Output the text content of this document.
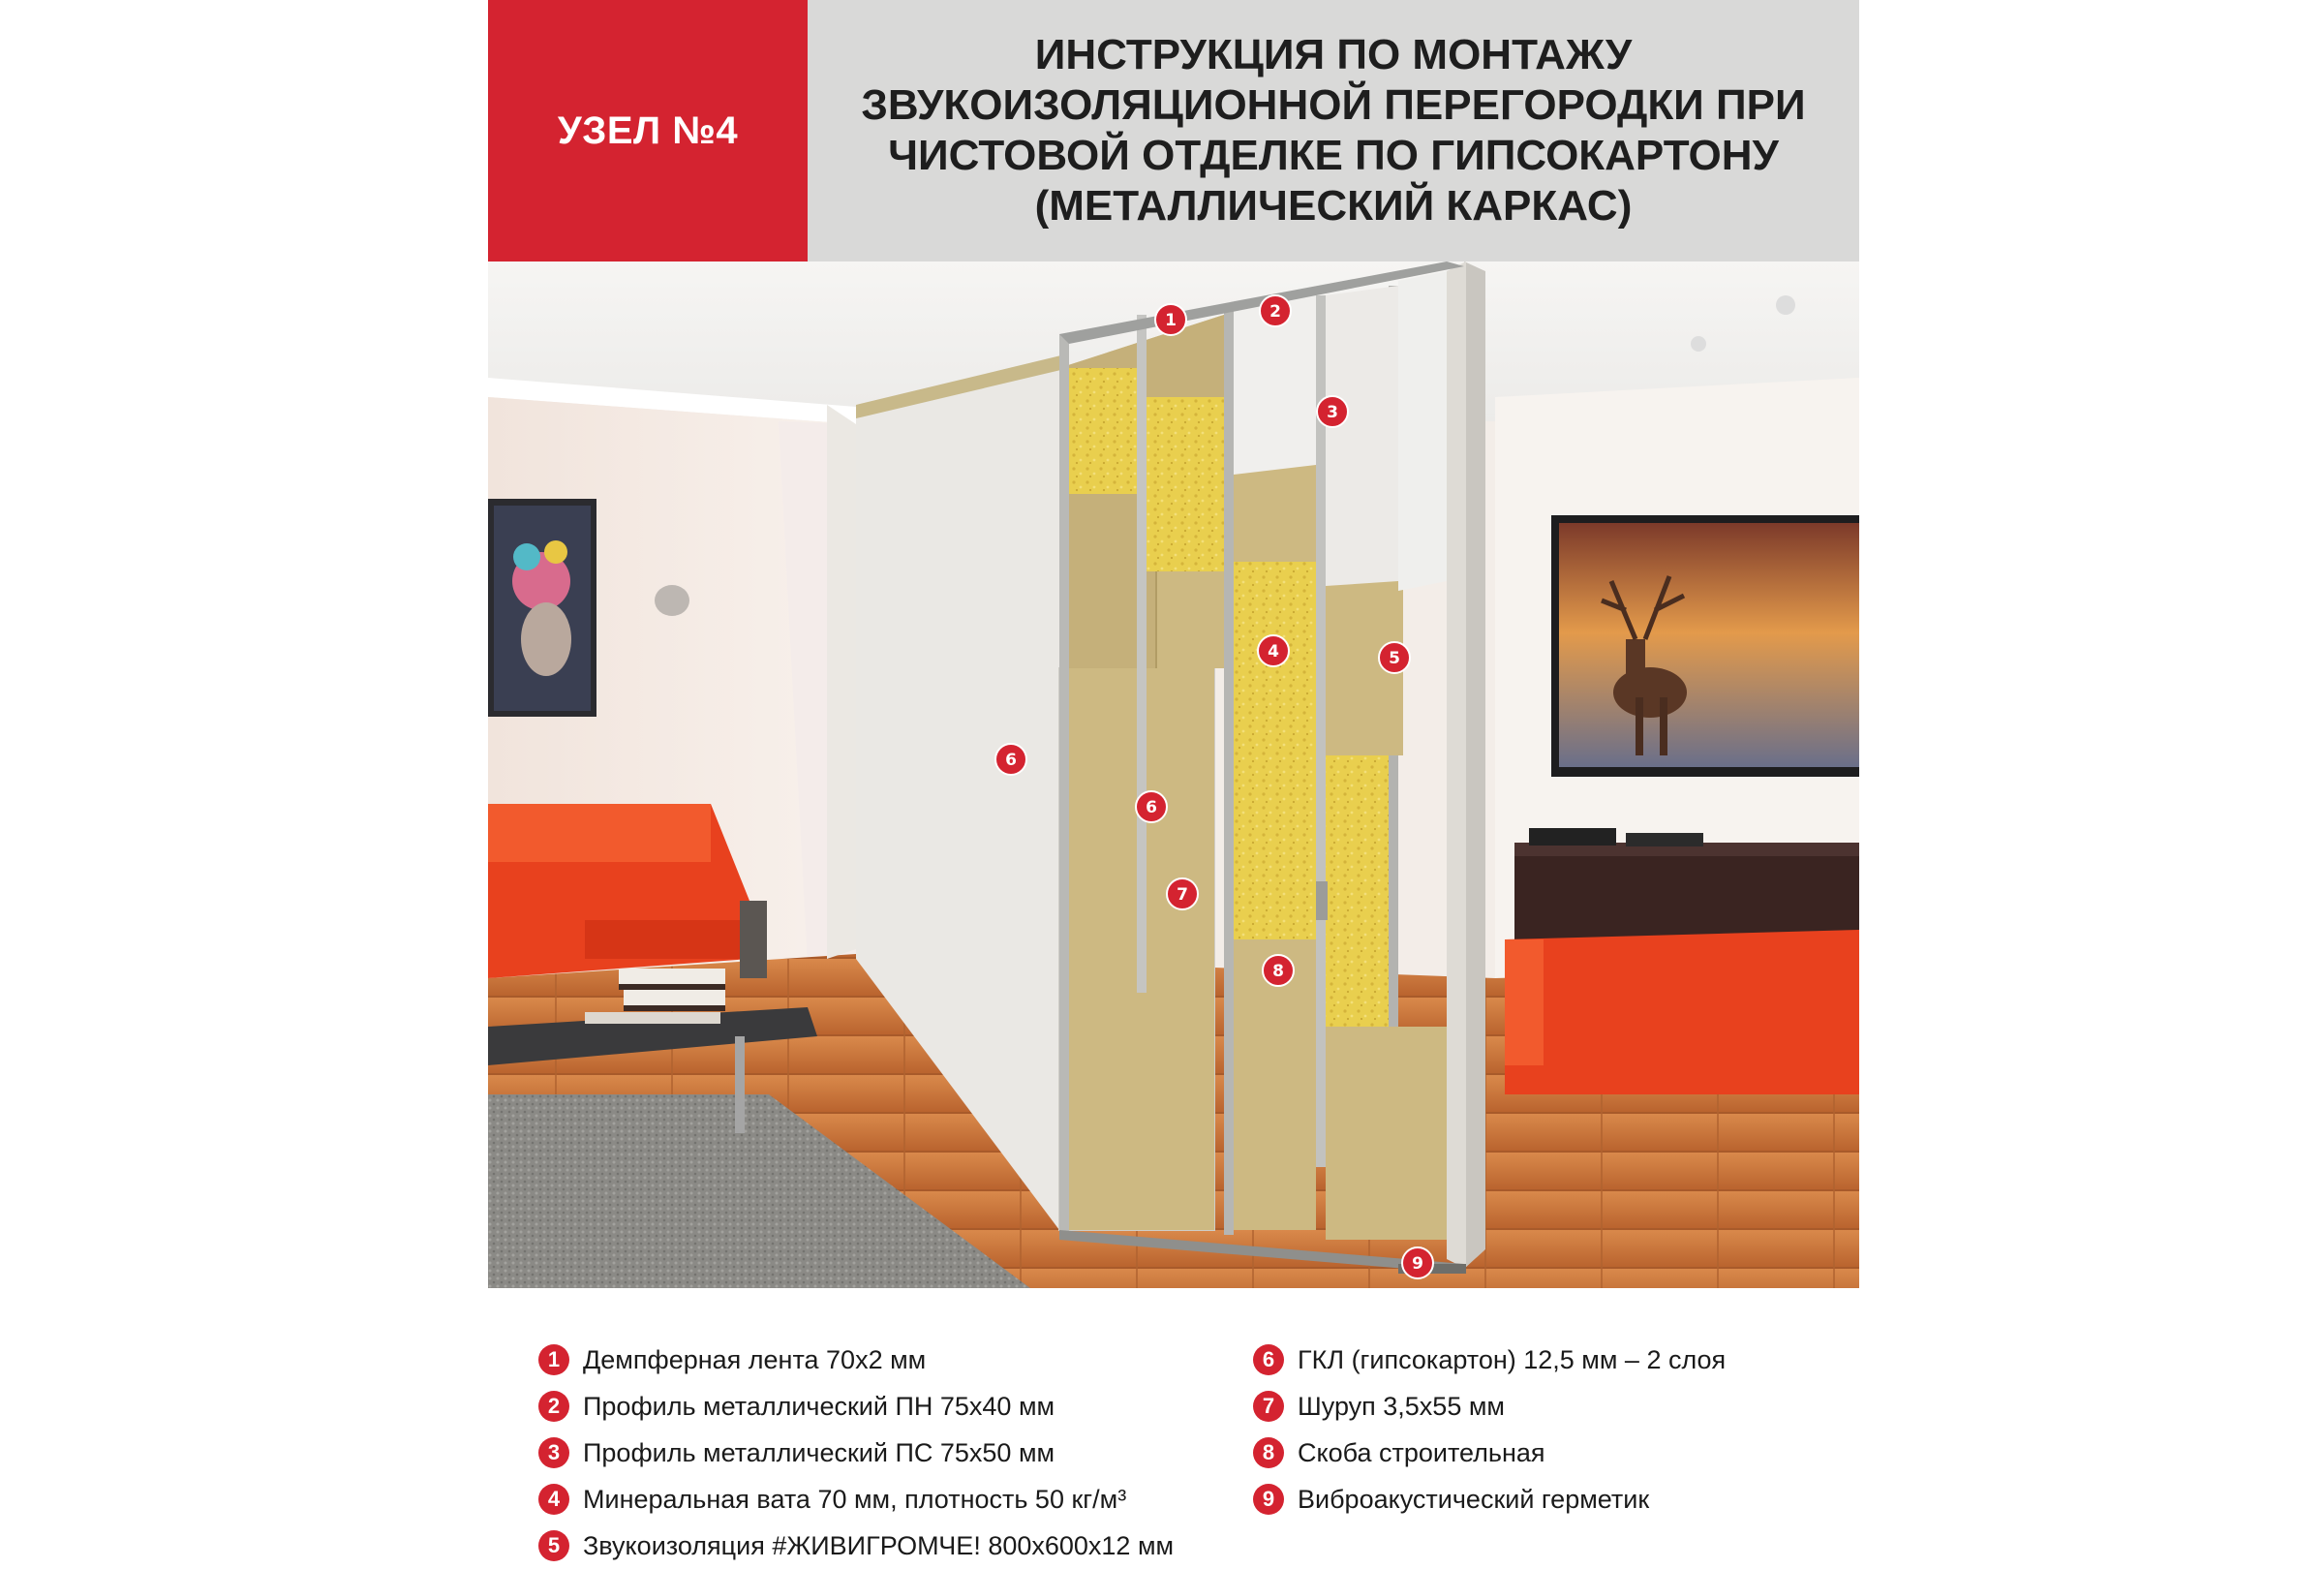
УЗЕЛ №4
ИНСТРУКЦИЯ ПО МОНТАЖУ
ЗВУКОИЗОЛЯЦИОННОЙ ПЕРЕГОРОДКИ ПРИ
ЧИСТОВОЙ ОТДЕЛКЕ ПО ГИПСОКАРТОНУ
(МЕТАЛЛИЧЕСКИЙ КАРКАС)
1	2
3
4	5
6
6
7
8
9
1 Демпферная лента 70х2 мм
2 Профиль металлический ПН 75х40 мм
3 Профиль металлический ПС 75х50 мм
4 Минеральная вата 70 мм, плотность 50 кг/м³
5 Звукоизоляция #ЖИВИГРОМЧЕ! 800х600х12 мм
6 ГКЛ (гипсокартон) 12,5 мм – 2 слоя
7 Шуруп 3,5х55 мм
8 Скоба строительная
9 Виброакустический герметик
